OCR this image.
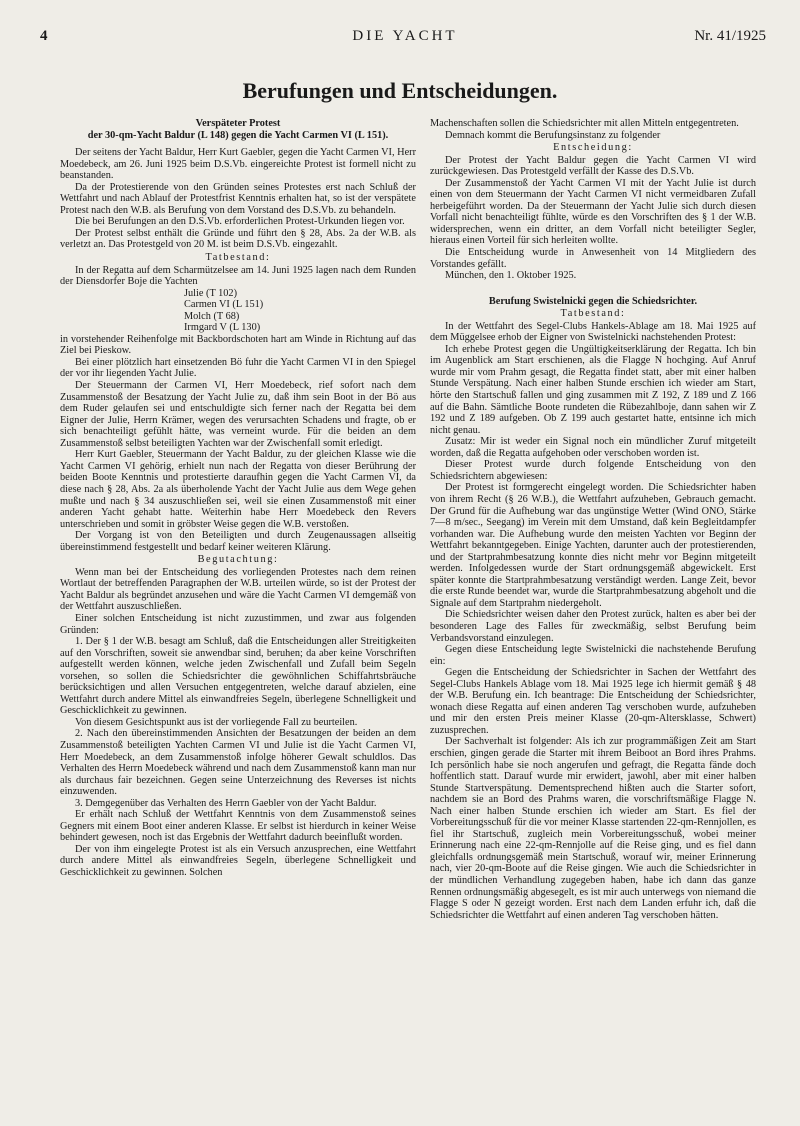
4	DIE YACHT	Nr. 41/1925
Berufungen und Entscheidungen.
Verspäteter Protest
der 30-qm-Yacht Baldur (L 148) gegen die Yacht Carmen VI (L 151).

Der seitens der Yacht Baldur, Herr Kurt Gaebler, gegen die Yacht Carmen VI, Herr Moedebeck, am 26. Juni 1925 beim D.S.Vb. eingereichte Protest ist formell nicht zu beanstanden.

Da der Protestierende von den Gründen seines Protestes erst nach Schluß der Wettfahrt und nach Ablauf der Protestfrist Kenntnis erhalten hat, so ist der verspätete Protest nach den W.B. als Berufung von dem Vorstand des D.S.Vb. zu behandeln.

Die bei Berufungen an den D.S.Vb. erforderlichen Protest-Urkunden liegen vor.

Der Protest selbst enthält die Gründe und führt den § 28, Abs. 2a der W.B. als verletzt an. Das Protestgeld von 20 M. ist beim D.S.Vb. eingezahlt.

Tatbestand:

In der Regatta auf dem Scharmützelsee am 14. Juni 1925 lagen nach dem Runden der Diensdorfer Boje die Yachten

Julie (T 102)
Carmen VI (L 151)
Molch (T 68)
Irmgard V (L 130)

in vorstehender Reihenfolge mit Backbordschoten hart am Winde in Richtung auf das Ziel bei Pieskow.

Bei einer plötzlich hart einsetzenden Bö fuhr die Yacht Carmen VI in den Spiegel der vor ihr liegenden Yacht Julie.

Der Steuermann der Carmen VI, Herr Moedebeck, rief sofort nach dem Zusammenstoß der Besatzung der Yacht Julie zu, daß ihm sein Boot in der Bö aus dem Ruder gelaufen sei und entschuldigte sich ferner nach der Regatta bei dem Eigner der Julie, Herrn Krämer, wegen des verursachten Schadens und fragte, ob er sich benachteiligt gefühlt hätte, was verneint wurde. Für die beiden an dem Zusammenstoß selbst beteiligten Yachten war der Zwischenfall somit erledigt.

Herr Kurt Gaebler, Steuermann der Yacht Baldur, zu der gleichen Klasse wie die Yacht Carmen VI gehörig, erhielt nun nach der Regatta von dieser Berührung der beiden Boote Kenntnis und protestierte daraufhin gegen die Yacht Carmen VI, da diese nach § 28, Abs. 2a als überholende Yacht der Yacht Julie aus dem Wege gehen mußte und nach § 34 auszuschließen sei, weil sie einen Zusammenstoß mit einer anderen Yacht gehabt hatte. Weiterhin habe Herr Moedebeck den Revers unterschrieben und somit in gröbster Weise gegen die W.B. verstoßen.

Der Vorgang ist von den Beteiligten und durch Zeugenaussagen allseitig übereinstimmend festgestellt und bedarf keiner weiteren Klärung.

Begutachtung:

Wenn man bei der Entscheidung des vorliegenden Protestes nach dem reinen Wortlaut der betreffenden Paragraphen der W.B. urteilen würde, so ist der Protest der Yacht Baldur als begründet anzusehen und wäre die Yacht Carmen VI demgemäß von der Wettfahrt auszuschließen.

Einer solchen Entscheidung ist nicht zuzustimmen, und zwar aus folgenden Gründen:

1. Der § 1 der W.B. besagt am Schluß, daß die Entscheidungen aller Streitigkeiten auf den Vorschriften, soweit sie anwendbar sind, beruhen; da aber keine Vorschriften aufgestellt werden können, welche jeden Zwischenfall und Zufall beim Segeln vorsehen, so sollen die Schiedsrichter die gewöhnlichen Schiffahrtsbräuche berücksichtigen und allen Versuchen entgegentreten, welche darauf abzielen, eine Wettfahrt durch andere Mittel als einwandfreies Segeln, überlegene Schnelligkeit und Geschicklichkeit zu gewinnen.

Von diesem Gesichtspunkt aus ist der vorliegende Fall zu beurteilen.

2. Nach den übereinstimmenden Ansichten der Besatzungen der beiden an dem Zusammenstoß beteiligten Yachten Carmen VI und Julie ist die Yacht Carmen VI, Herr Moedebeck, an dem Zusammenstoß infolge höherer Gewalt schuldlos. Das Verhalten des Herrn Moedebeck während und nach dem Zusammenstoß kann man nur als durchaus fair bezeichnen. Gegen seine Unterzeichnung des Reverses ist nichts einzuwenden.

3. Demgegenüber das Verhalten des Herrn Gaebler von der Yacht Baldur.

Er erhält nach Schluß der Wettfahrt Kenntnis von dem Zusammenstoß seines Gegners mit einem Boot einer anderen Klasse. Er selbst ist hierdurch in keiner Weise behindert gewesen, noch ist das Ergebnis der Wettfahrt dadurch beeinflußt worden.

Der von ihm eingelegte Protest ist als ein Versuch anzusprechen, eine Wettfahrt durch andere Mittel als einwandfreies Segeln, überlegene Schnelligkeit und Geschicklichkeit zu gewinnen. Solchen

Machenschaften sollen die Schiedsrichter mit allen Mitteln entgegentreten.

Demnach kommt die Berufungsinstanz zu folgender

Entscheidung:

Der Protest der Yacht Baldur gegen die Yacht Carmen VI wird zurückgewiesen. Das Protestgeld verfällt der Kasse des D.S.Vb.

Der Zusammenstoß der Yacht Carmen VI mit der Yacht Julie ist durch einen von dem Steuermann der Yacht Carmen VI nicht vermeidbaren Zufall herbeigeführt worden. Da der Steuermann der Yacht Julie sich durch diesen Vorfall nicht benachteiligt fühlte, würde es den Vorschriften des § 1 der W.B. widersprechen, wenn ein dritter, an dem Vorfall nicht beteiligter Segler, hieraus einen Vorteil für sich herleiten wollte.

Die Entscheidung wurde in Anwesenheit von 14 Mitgliedern des Vorstandes gefällt.

München, den 1. Oktober 1925.

Berufung Swistelnicki gegen die Schiedsrichter.
Tatbestand:

In der Wettfahrt des Segel-Clubs Hankels-Ablage am 18. Mai 1925 auf dem Müggelsee erhob der Eigner von Swistelnicki nachstehenden Protest:

Ich erhebe Protest gegen die Ungültigkeitserklärung der Regatta. Ich bin im Augenblick am Start erschienen, als die Flagge N hochging. Auf Anruf wurde mir vom Prahm gesagt, die Regatta findet statt, aber mit einer halben Stunde Verspätung. Nach einer halben Stunde erschien ich wieder am Start, hörte den Startschuß fallen und ging zusammen mit Z 192, Z 189 und Z 166 auf die Bahn. Sämtliche Boote rundeten die Rübezahlboje, dann sahen wir Z 192 und Z 189 aufgeben. Ob Z 199 auch gestartet hatte, entsinne ich mich nicht genau.

Zusatz: Mir ist weder ein Signal noch ein mündlicher Zuruf mitgeteilt worden, daß die Regatta aufgehoben oder verschoben worden ist.

Dieser Protest wurde durch folgende Entscheidung von den Schiedsrichtern abgewiesen:

Der Protest ist formgerecht eingelegt worden. Die Schiedsrichter haben von ihrem Recht (§ 26 W.B.), die Wettfahrt aufzuheben, Gebrauch gemacht. Der Grund für die Aufhebung war das ungünstige Wetter (Wind ONO, Stärke 7—8 m/sec., Seegang) im Verein mit dem Umstand, daß kein Begleitdampfer vorhanden war. Die Aufhebung wurde den meisten Yachten vor Beginn der Wettfahrt bekanntgegeben. Einige Yachten, darunter auch der protestierenden, und der Startprahmbesatzung konnte dies nicht mehr vor Beginn mitgeteilt werden. Infolgedessen wurde der Start ordnungsgemäß abgewickelt. Erst später konnte die Startprahmbesatzung verständigt werden. Lange Zeit, bevor die erste Runde beendet war, wurde die Startprahmbesatzung abgeholt und die Signale auf dem Startprahm niedergeholt.

Die Schiedsrichter weisen daher den Protest zurück, halten es aber bei der besonderen Lage des Falles für zweckmäßig, selbst Berufung beim Verbandsvorstand einzulegen.

Gegen diese Entscheidung legte Swistelnicki die nachstehende Berufung ein:

Gegen die Entscheidung der Schiedsrichter in Sachen der Wettfahrt des Segel-Clubs Hankels Ablage vom 18. Mai 1925 lege ich hiermit gemäß § 48 der W.B. Berufung ein. Ich beantrage: Die Entscheidung der Schiedsrichter, wonach diese Regatta auf einen anderen Tag verschoben wurde, aufzuheben und mir den ersten Preis meiner Klasse (20-qm-Altersklasse, Schwert) zuzusprechen.

Der Sachverhalt ist folgender: Als ich zur programmäßigen Zeit am Start erschien, gingen gerade die Starter mit ihrem Beiboot an Bord ihres Prahms. Ich persönlich habe sie noch angerufen und gefragt, die Regatta fände doch hoffentlich statt. Darauf wurde mir erwidert, jawohl, aber mit einer halben Stunde Startverspätung. Dementsprechend hißten auch die Starter sofort, nachdem sie an Bord des Prahms waren, die vorschriftsmäßige Flagge N. Nach einer halben Stunde erschien ich wieder am Start. Es fiel der Vorbereitungsschuß für die vor meiner Klasse startenden 22-qm-Rennjollen, es fiel ihr Startschuß, zugleich mein Vorbereitungsschuß, wobei meiner Erinnerung nach eine 22-qm-Rennjolle auf die Reise ging, und es fiel dann gleichfalls ordnungsgemäß mein Startschuß, worauf wir, meiner Erinnerung nach, vier 20-qm-Boote auf die Reise gingen. Wie auch die Schiedsrichter in der mündlichen Verhandlung zugegeben haben, habe ich dann das ganze Rennen ordnungsmäßig abgesegelt, es ist mir auch unterwegs von niemand die Flagge S oder N gezeigt worden. Erst nach dem Landen erfuhr ich, daß die Schiedsrichter die Wettfahrt auf einen anderen Tag verschoben hätten.
